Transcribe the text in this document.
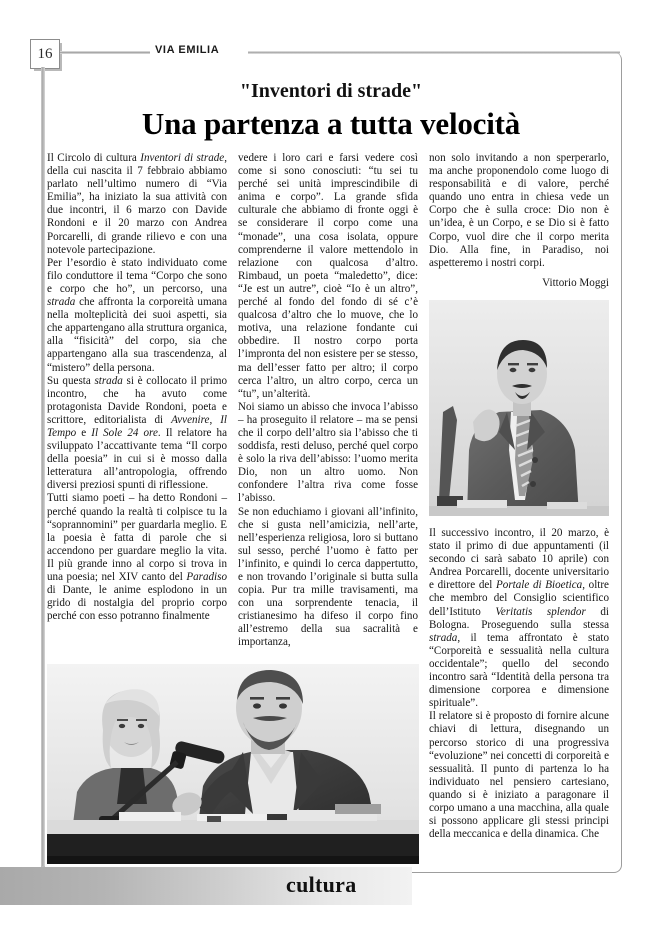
16	VIA EMILIA
"Inventori di strade"
Una partenza a tutta velocità

Il Circolo di cultura Inventori di strade, della cui nascita il 7 febbraio abbiamo parlato nell’ultimo numero di “Via Emilia”, ha iniziato la sua attività con due incontri, il 6 marzo con Davide Rondoni e il 20 marzo con Andrea Porcarelli, di grande rilievo e con una notevole partecipazione.

Per l’esordio è stato individuato come filo conduttore il tema “Corpo che sono e corpo che ho”, un percorso, una strada che affronta la corporeità umana nella molteplicità dei suoi aspetti, sia che appartengano alla struttura organica, alla “fisicità” del corpo, sia che appartengano alla sua trascendenza, al “mistero” della persona.

Su questa strada si è collocato il primo incontro, che ha avuto come protagonista Davide Rondoni, poeta e scrittore, editorialista di Avvenire, Il Tempo e Il Sole 24 ore. Il relatore ha sviluppato l’accattivante tema “Il corpo della poesia” in cui si è mosso dalla letteratura all’antropologia, offrendo diversi preziosi spunti di riflessione.

Tutti siamo poeti – ha detto Rondoni – perché quando la realtà ti colpisce tu la “soprannomini” per guardarla meglio. E la poesia è fatta di parole che si accendono per guardare meglio la vita. Il più grande inno al corpo si trova in una poesia; nel XIV canto del Paradiso di Dante, le anime esplodono in un grido di nostalgia del proprio corpo perché con esso potranno finalmente

vedere i loro cari e farsi vedere così come si sono conosciuti: “tu sei tu perché sei unità imprescindibile di anima e corpo”. La grande sfida culturale che abbiamo di fronte oggi è se considerare il corpo come una “monade”, una cosa isolata, oppure comprenderne il valore mettendolo in relazione con qualcosa d’altro. Rimbaud, un poeta “maledetto”, dice: “Je est un autre”, cioè “Io è un altro”, perché al fondo del fondo di sé c’è qualcosa d’altro che lo muove, che lo motiva, una relazione fondante cui obbedire. Il nostro corpo porta l’impronta del non esistere per se stesso, ma dell’esser fatto per altro; il corpo cerca l’altro, un altro corpo, cerca un “tu”, un’alterità.

Noi siamo un abisso che invoca l’abisso – ha proseguito il relatore – ma se pensi che il corpo dell’altro sia l’abisso che ti soddisfa, resti deluso, perché quel corpo è solo la riva dell’abisso: l’uomo merita Dio, non un altro uomo. Non confondere l’altra riva come fosse l’abisso.

Se non educhiamo i giovani all’infinito, che si gusta nell’amicizia, nell’arte, nell’esperienza religiosa, loro si buttano sul sesso, perché l’uomo è fatto per l’infinito, e quindi lo cerca dappertutto, e non trovando l’originale si butta sulla copia. Pur tra mille travisamenti, ma con una sorprendente tenacia, il cristianesimo ha difeso il corpo fino all’estremo della sua sacralità e importanza,

non solo invitando a non sperperarlo, ma anche proponendolo come luogo di responsabilità e di valore, perché quando uno entra in chiesa vede un Corpo che è sulla croce: Dio non è un’idea, è un Corpo, e se Dio si è fatto Corpo, vuol dire che il corpo merita Dio. Alla fine, in Paradiso, noi aspetteremo i nostri corpi.

Vittorio Moggi

Il successivo incontro, il 20 marzo, è stato il primo di due appuntamenti (il secondo ci sarà sabato 10 aprile) con Andrea Porcarelli, docente universitario e direttore del Portale di Bioetica, oltre che membro del Consiglio scientifico dell’Istituto Veritatis splendor di Bologna. Proseguendo sulla stessa strada, il tema affrontato è stato “Corporeità e sessualità nella cultura occidentale”; quello del secondo incontro sarà “Identità della persona tra dimensione corporea e dimensione spirituale”.

Il relatore si è proposto di fornire alcune chiavi di lettura, disegnando un percorso storico di una progressiva “evoluzione” nei concetti di corporeità e sessualità. Il punto di partenza lo ha individuato nel pensiero cartesiano, quando si è iniziato a paragonare il corpo umano a una macchina, alla quale si possono applicare gli stessi principi della meccanica e della dinamica. Che

cultura
